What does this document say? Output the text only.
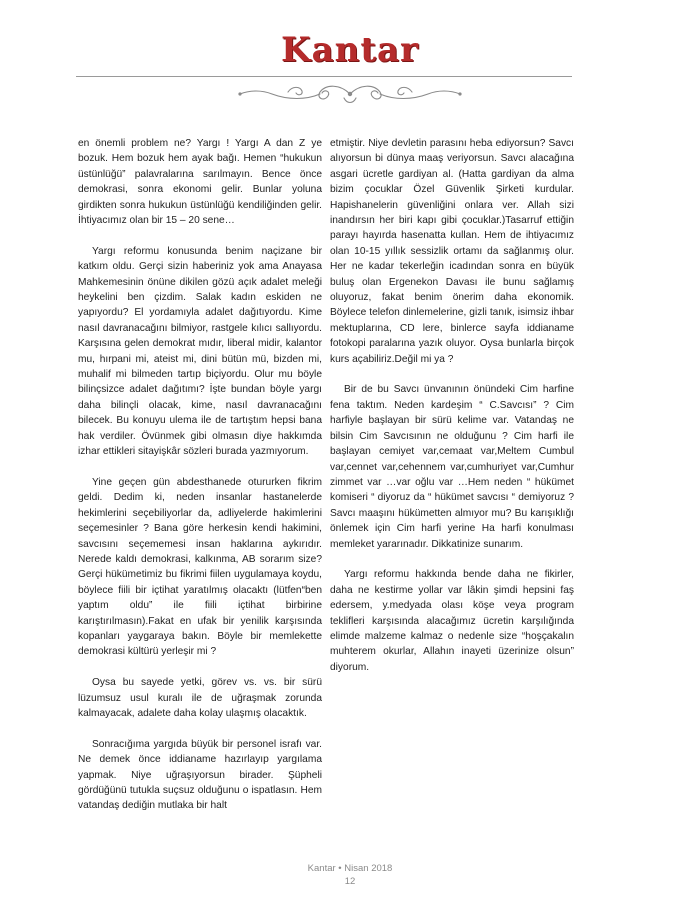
Kantar

en önemli problem ne? Yargı ! Yargı A dan Z ye bozuk. Hem bozuk hem ayak bağı. Hemen “hukukun üstünlüğü” palavralarına sarılmayın. Bence önce demokrasi, sonra ekonomi gelir. Bunlar yoluna girdikten sonra hukukun üstünlüğü kendiliğinden gelir. İhtiyacımız olan bir 15 – 20 sene…

Yargı reformu konusunda benim naçizane bir katkım oldu. Gerçi sizin haberiniz yok ama Anayasa Mahkemesinin önüne dikilen gözü açık adalet meleği heykelini ben çizdim. Salak kadın eskiden ne yapıyordu? El yordamıyla adalet dağıtıyordu. Kime nasıl davranacağını bilmiyor, rastgele kılıcı sallıyordu. Karşısına gelen demokrat mıdır, liberal midir, kalantor mu, hırpani mi, ateist mi, dini bütün mü, bizden mi, muhalif mi bilmeden tartıp biçiyordu. Olur mu böyle bilinçsizce adalet dağıtımı? İşte bundan böyle yargı daha bilinçli olacak, kime, nasıl davranacağını bilecek. Bu konuyu ulema ile de tartıştım hepsi bana hak verdiler. Övünmek gibi olmasın diye hakkımda izhar ettikleri sitayişkâr sözleri burada yazmıyorum.

Yine geçen gün abdesthanede otururken fikrim geldi. Dedim ki, neden insanlar hastanelerde hekimlerini seçebiliyorlar da, adliyelerde hakimlerini seçemesinler ? Bana göre herkesin kendi hakimini, savcısını seçememesi insan haklarına aykırıdır. Nerede kaldı demokrasi, kalkınma, AB sorarım size? Gerçi hükümetimiz bu fikrimi fiilen uygulamaya koydu, böylece fiili bir içtihat yaratılmış olacaktı (lütfen“ben yaptım oldu” ile fiili içtihat birbirine karıştırılmasın).Fakat en ufak bir yenilik karşısında kopanları yaygaraya bakın. Böyle bir memlekette demokrasi kültürü yerleşir mi ?

Oysa bu sayede yetki, görev vs. vs. bir sürü lüzumsuz usul kuralı ile de uğraşmak zorunda kalmayacak, adalete daha kolay ulaşmış olacaktık.

Sonracığıma yargıda büyük bir personel israfı var. Ne demek önce iddianame hazırlayıp yargılama yapmak. Niye uğraşıyorsun birader. Şüpheli gördüğünü tutukla suçsuz olduğunu o ispatlasın. Hem vatandaş dediğin mutlaka bir halt

etmiştir. Niye devletin parasını heba ediyorsun? Savcı alıyorsun bi dünya maaş veriyorsun. Savcı alacağına asgari ücretle gardiyan al. (Hatta gardiyan da alma bizim çocuklar Özel Güvenlik Şirketi kurdular. Hapishanelerin güvenliğini onlara ver. Allah sizi inandırsın her biri kapı gibi çocuklar.)Tasarruf ettiğin parayı hayırda hasenatta kullan. Hem de ihtiyacımız olan 10-15 yıllık sessizlik ortamı da sağlanmış olur. Her ne kadar tekerleğin icadından sonra en büyük buluş olan Ergenekon Davası ile bunu sağlamış oluyoruz, fakat benim önerim daha ekonomik. Böylece telefon dinlemelerine, gizli tanık, isimsiz ihbar mektuplarına, CD lere, binlerce sayfa iddianame fotokopi paralarına yazık oluyor. Oysa bunlarla birçok kurs açabiliriz.Değil mi ya ?

Bir de bu Savcı ünvanının önündeki Cim harfine fena taktım. Neden kardeşim “ C.Savcısı” ? Cim harfiyle başlayan bir sürü kelime var. Vatandaş ne bilsin Cim Savcısının ne olduğunu ? Cim harfi ile başlayan cemiyet var,cemaat var,Meltem Cumbul var,cennet var,cehennem var,cumhuriyet var,Cumhur zimmet var …var oğlu var …Hem neden “ hükümet komiseri “ diyoruz da “ hükümet savcısı “ demiyoruz ? Savcı maaşını hükümetten almıyor mu? Bu karışıklığı önlemek için Cim harfi yerine Ha harfi konulması memleket yararınadır. Dikkatinize sunarım.

Yargı reformu hakkında bende daha ne fikirler, daha ne kestirme yollar var lâkin şimdi hepsini faş edersem, y.medyada olası köşe veya program teklifleri karşısında alacağımız ücretin karşılığında elimde malzeme kalmaz o nedenle size “hoşçakalın muhterem okurlar, Allahın inayeti üzerinize olsun” diyorum.

Kantar • Nisan 2018
12
